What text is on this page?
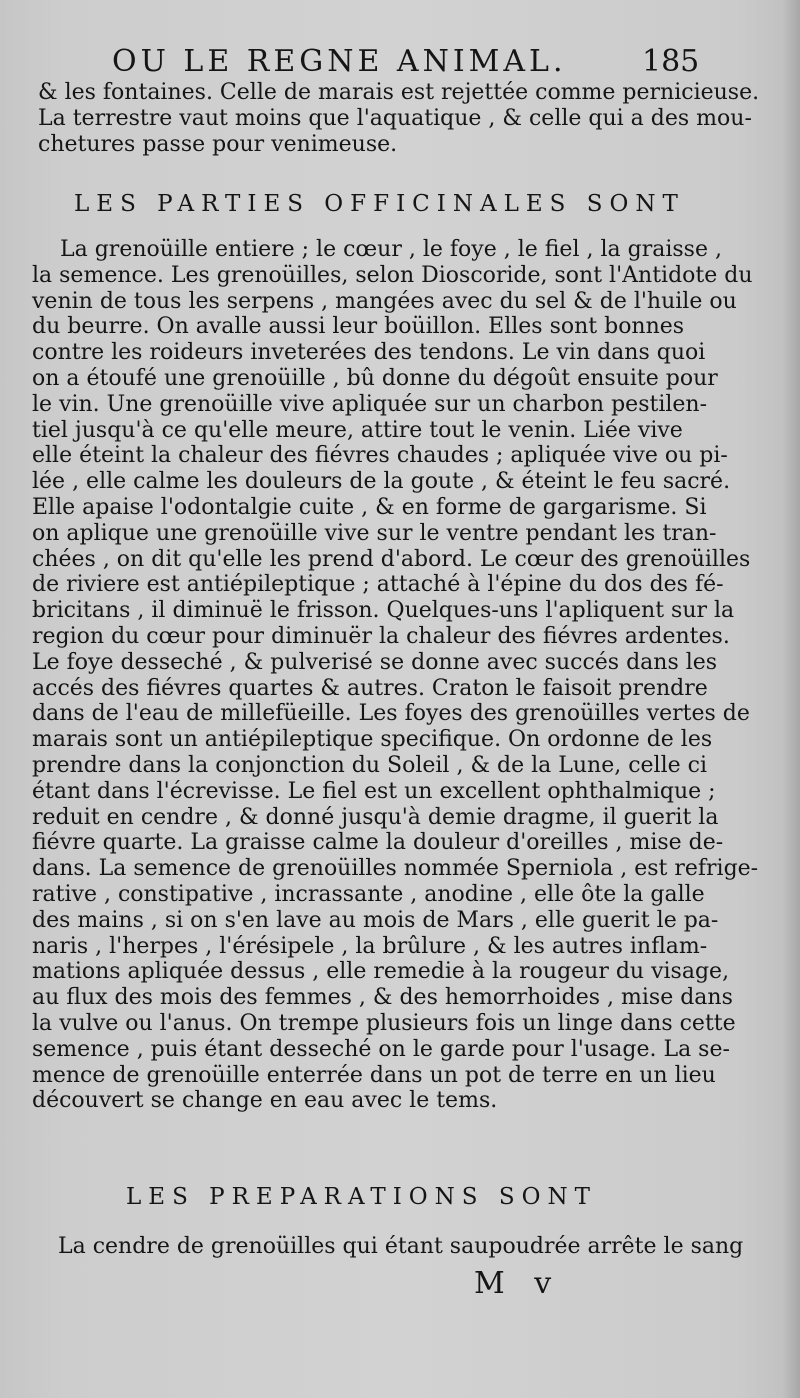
OU LE REGNE ANIMAL.	185
& les fontaines. Celle de marais est rejettée comme pernicieuse.
La terrestre vaut moins que l'aquatique , & celle qui a des mou-
chetures passe pour venimeuse.
LES PARTIES OFFICINALES SONT
La grenoüille entiere ; le cœur , le foye , le fiel , la graisse ,
la semence. Les grenoüilles, selon Dioscoride, sont l'Antidote du
venin de tous les serpens , mangées avec du sel & de l'huile ou
du beurre. On avalle aussi leur boüillon. Elles sont bonnes
contre les roideurs inveterées des tendons. Le vin dans quoi
on a étoufé une grenoüille , bû donne du dégoût ensuite pour
le vin. Une grenoüille vive apliquée sur un charbon pestilen-
tiel jusqu'à ce qu'elle meure, attire tout le venin. Liée vive
elle éteint la chaleur des fiévres chaudes ; apliquée vive ou pi-
lée , elle calme les douleurs de la goute , & éteint le feu sacré.
Elle apaise l'odontalgie cuite , & en forme de gargarisme. Si
on aplique une grenoüille vive sur le ventre pendant les tran-
chées , on dit qu'elle les prend d'abord. Le cœur des grenoüilles
de riviere est antiépileptique ; attaché à l'épine du dos des fé-
bricitans , il diminuë le frisson. Quelques-uns l'apliquent sur la
region du cœur pour diminuër la chaleur des fiévres ardentes.
Le foye desseché , & pulverisé se donne avec succés dans les
accés des fiévres quartes & autres. Craton le faisoit prendre
dans de l'eau de millefüeille. Les foyes des grenoüilles vertes de
marais sont un antiépileptique specifique. On ordonne de les
prendre dans la conjonction du Soleil , & de la Lune, celle ci
étant dans l'écrevisse. Le fiel est un excellent ophthalmique ;
reduit en cendre , & donné jusqu'à demie dragme, il guerit la
fiévre quarte. La graisse calme la douleur d'oreilles , mise de-
dans. La semence de grenoüilles nommée Sperniola , est refrige-
rative , constipative , incrassante , anodine , elle ôte la galle
des mains , si on s'en lave au mois de Mars , elle guerit le pa-
naris , l'herpes , l'érésipele , la brûlure , & les autres inflam-
mations apliquée dessus , elle remedie à la rougeur du visage,
au flux des mois des femmes , & des hemorrhoides , mise dans
la vulve ou l'anus. On trempe plusieurs fois un linge dans cette
semence , puis étant desseché on le garde pour l'usage. La se-
mence de grenoüille enterrée dans un pot de terre en un lieu
découvert se change en eau avec le tems.
LES PREPARATIONS SONT
La cendre de grenoüilles qui étant saupoudrée arrête le sang
M v
